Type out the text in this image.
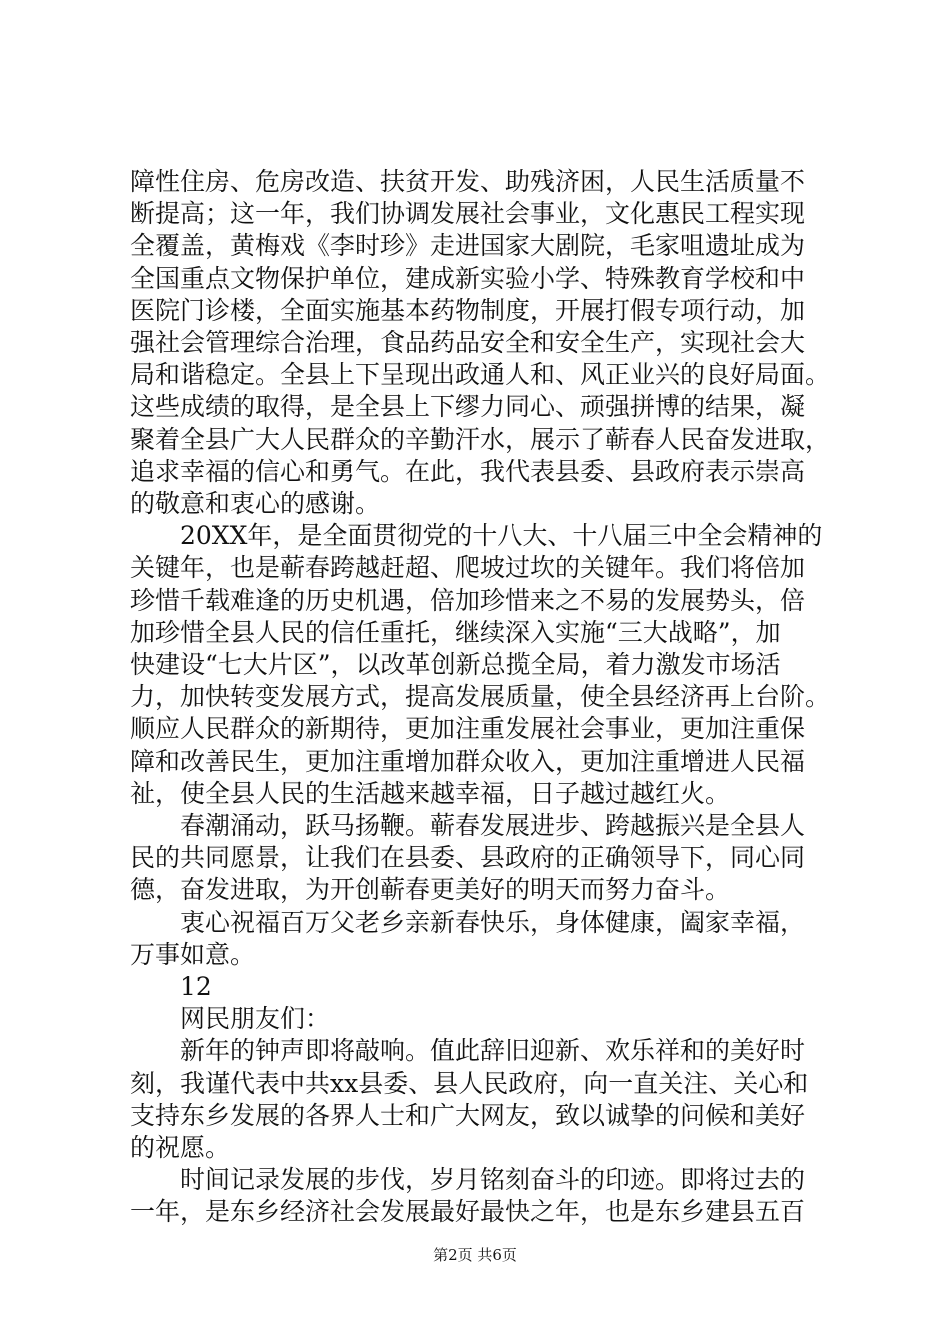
障性住房、危房改造、扶贫开发、助残济困，人民生活质量不
断提高；这一年，我们协调发展社会事业，文化惠民工程实现
全覆盖，黄梅戏《李时珍》走进国家大剧院，毛家咀遗址成为
全国重点文物保护单位，建成新实验小学、特殊教育学校和中
医院门诊楼，全面实施基本药物制度，开展打假专项行动，加
强社会管理综合治理，食品药品安全和安全生产，实现社会大
局和谐稳定。全县上下呈现出政通人和、风正业兴的良好局面。
这些成绩的取得，是全县上下缪力同心、顽强拼博的结果，凝
聚着全县广大人民群众的辛勤汗水，展示了蕲春人民奋发进取，
追求幸福的信心和勇气。在此，我代表县委、县政府表示崇高
的敬意和衷心的感谢。
　　20XX年，是全面贯彻党的十八大、十八届三中全会精神的
关键年，也是蕲春跨越赶超、爬坡过坎的关键年。我们将倍加
珍惜千载难逢的历史机遇，倍加珍惜来之不易的发展势头，倍
加珍惜全县人民的信任重托，继续深入实施“三大战略”，加
快建设“七大片区”，以改革创新总揽全局，着力激发市场活
力，加快转变发展方式，提高发展质量，使全县经济再上台阶。
顺应人民群众的新期待，更加注重发展社会事业，更加注重保
障和改善民生，更加注重增加群众收入，更加注重增进人民福
祉，使全县人民的生活越来越幸福，日子越过越红火。
　　春潮涌动，跃马扬鞭。蕲春发展进步、跨越振兴是全县人
民的共同愿景，让我们在县委、县政府的正确领导下，同心同
德，奋发进取，为开创蕲春更美好的明天而努力奋斗。
　　衷心祝福百万父老乡亲新春快乐，身体健康，阖家幸福，
万事如意。
　　12
　　网民朋友们：
　　新年的钟声即将敲响。值此辞旧迎新、欢乐祥和的美好时
刻，我谨代表中共xx县委、县人民政府，向一直关注、关心和
支持东乡发展的各界人士和广大网友，致以诚挚的问候和美好
的祝愿。
　　时间记录发展的步伐，岁月铭刻奋斗的印迹。即将过去的
一年，是东乡经济社会发展最好最快之年，也是东乡建县五百
第2页 共6页
